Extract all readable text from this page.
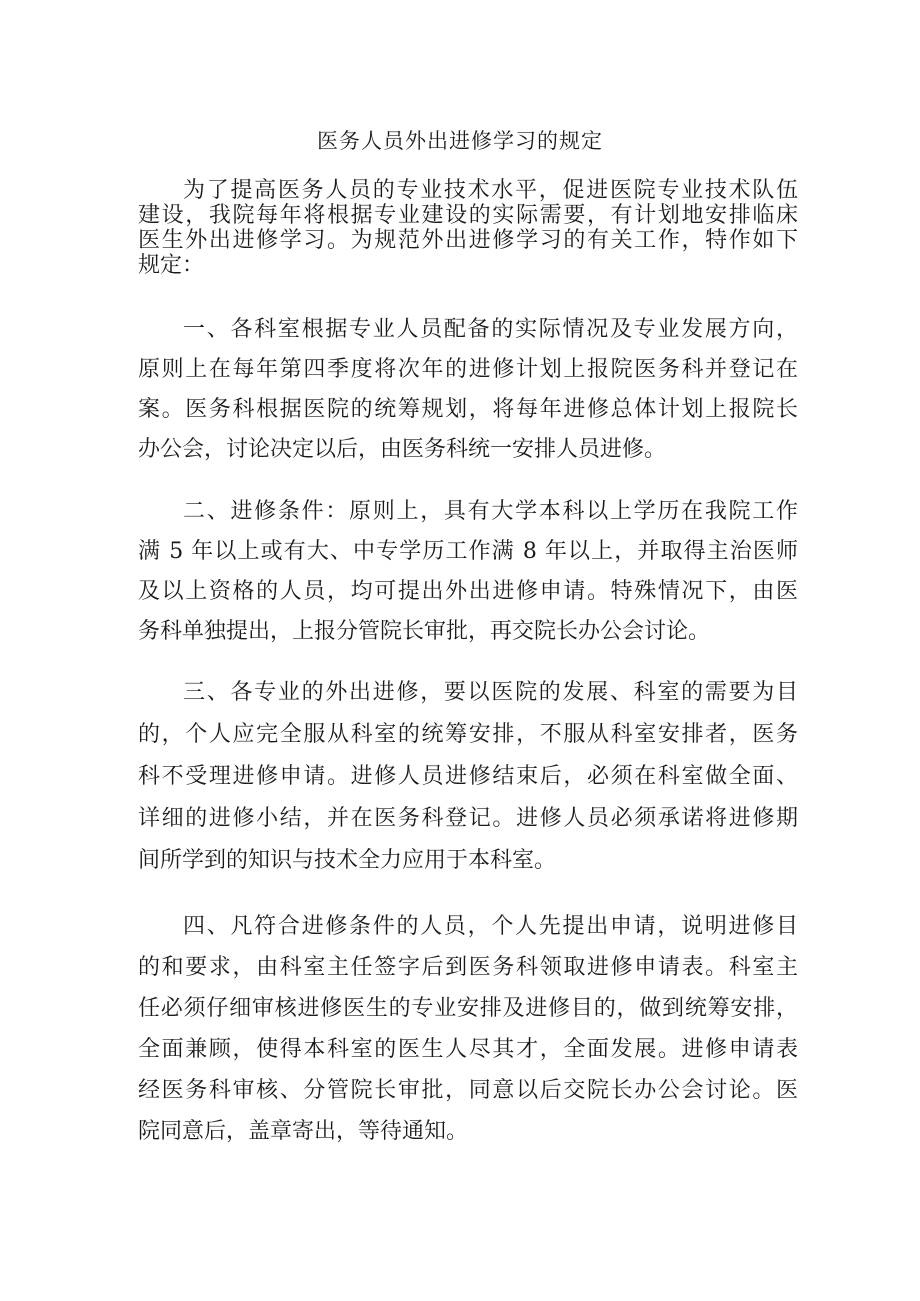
医务人员外出进修学习的规定
为了提高医务人员的专业技术水平，促进医院专业技术队伍
建设，我院每年将根据专业建设的实际需要，有计划地安排临床
医生外出进修学习。为规范外出进修学习的有关工作，特作如下
规定：
一、各科室根据专业人员配备的实际情况及专业发展方向，
原则上在每年第四季度将次年的进修计划上报院医务科并登记在
案。医务科根据医院的统筹规划，将每年进修总体计划上报院长
办公会，讨论决定以后，由医务科统一安排人员进修。
二、进修条件：原则上，具有大学本科以上学历在我院工作
满 5 年以上或有大、中专学历工作满 8 年以上，并取得主治医师
及以上资格的人员，均可提出外出进修申请。特殊情况下，由医
务科单独提出，上报分管院长审批，再交院长办公会讨论。
三、各专业的外出进修，要以医院的发展、科室的需要为目
的，个人应完全服从科室的统筹安排，不服从科室安排者，医务
科不受理进修申请。进修人员进修结束后，必须在科室做全面、
详细的进修小结，并在医务科登记。进修人员必须承诺将进修期
间所学到的知识与技术全力应用于本科室。
四、凡符合进修条件的人员，个人先提出申请，说明进修目
的和要求，由科室主任签字后到医务科领取进修申请表。科室主
任必须仔细审核进修医生的专业安排及进修目的，做到统筹安排，
全面兼顾，使得本科室的医生人尽其才，全面发展。进修申请表
经医务科审核、分管院长审批，同意以后交院长办公会讨论。医
院同意后，盖章寄出，等待通知。
